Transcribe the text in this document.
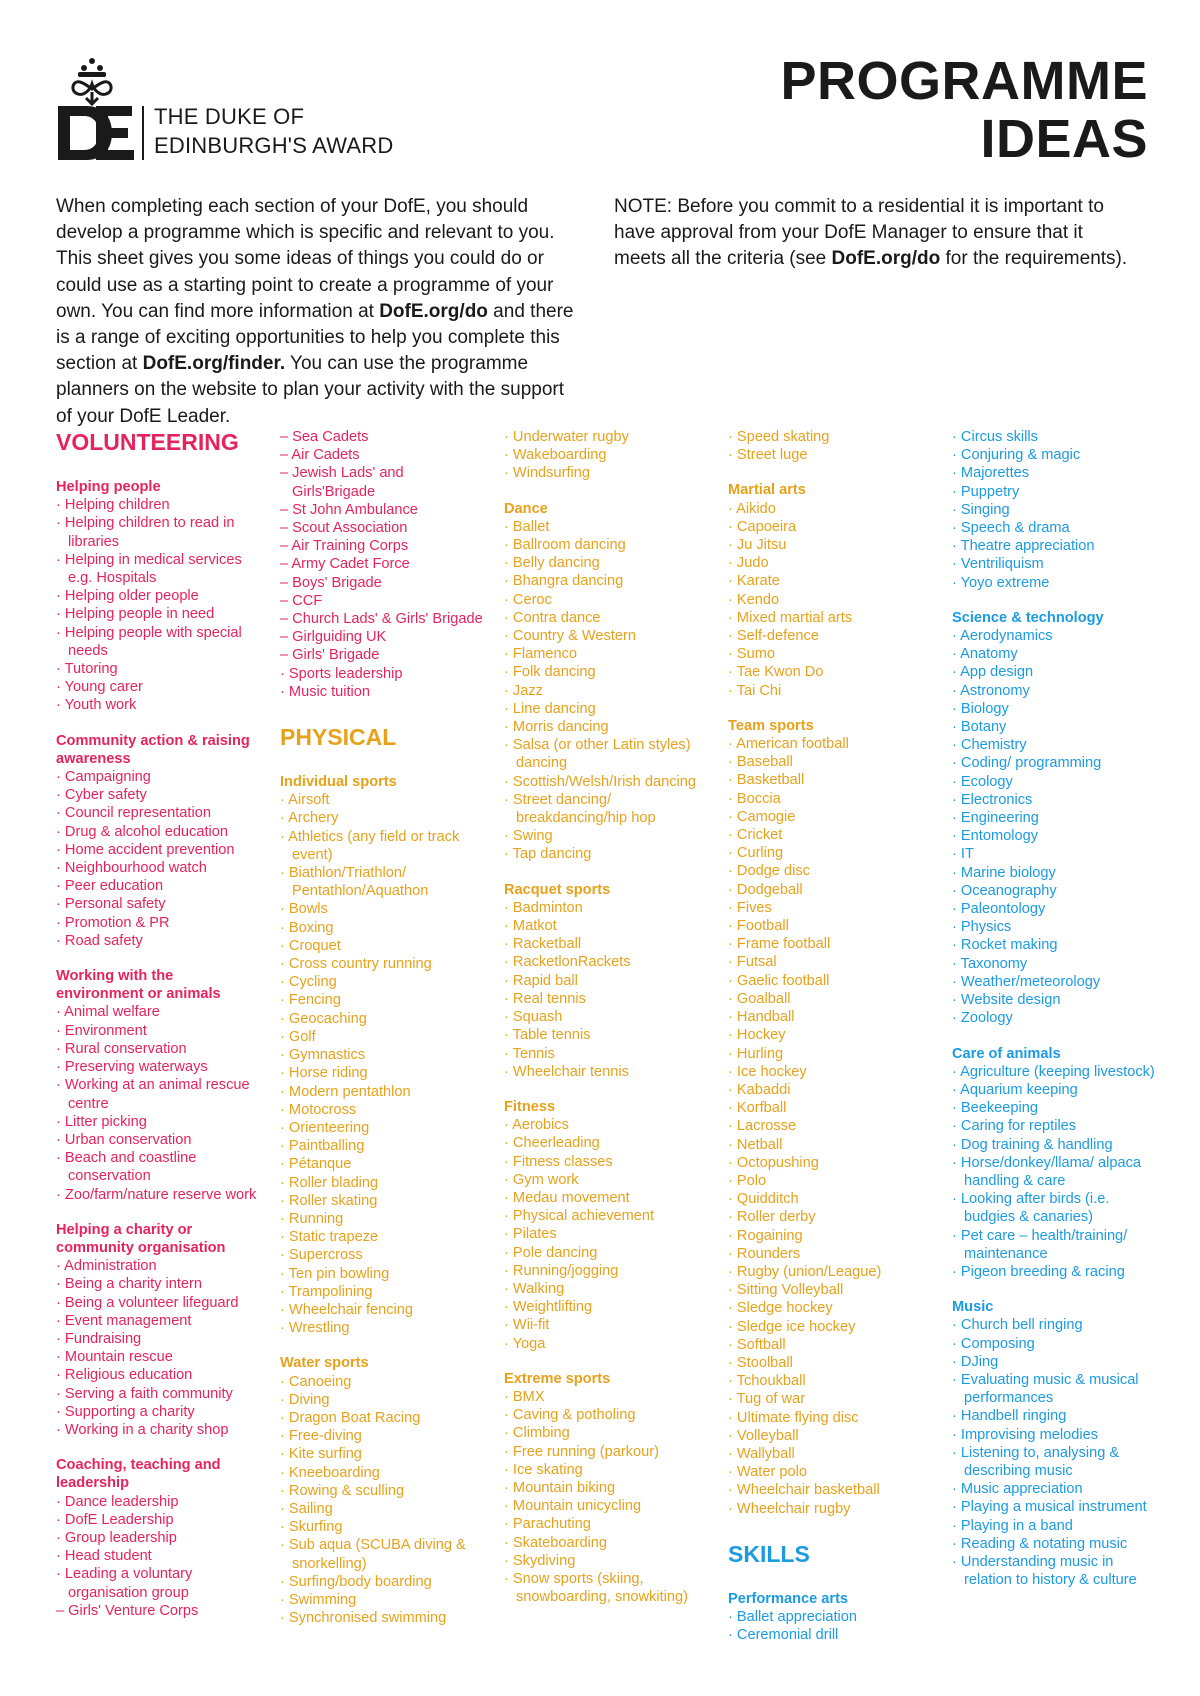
THE DUKE OF
EDINBURGH'S AWARD
PROGRAMME
IDEAS

When completing each section of your DofE, you should develop a programme which is specific and relevant to you. This sheet gives you some ideas of things you could do or could use as a starting point to create a programme of your own. You can find more information at DofE.org/do and there is a range of exciting opportunities to help you complete this section at DofE.org/finder. You can use the programme planners on the website to plan your activity with the support of your DofE Leader.

NOTE: Before you commit to a residential it is important to have approval from your DofE Manager to ensure that it meets all the criteria (see DofE.org/do for the requirements).

VOLUNTEERING
Helping people
· Helping children
· Helping children to read in libraries
· Helping in medical services e.g. Hospitals
· Helping older people
· Helping people in need
· Helping people with special needs
· Tutoring
· Young carer
· Youth work
Community action & raising awareness
· Campaigning
· Cyber safety
· Council representation
· Drug & alcohol education
· Home accident prevention
· Neighbourhood watch
· Peer education
· Personal safety
· Promotion & PR
· Road safety
Working with the environment or animals
· Animal welfare
· Environment
· Rural conservation
· Preserving waterways
· Working at an animal rescue centre
· Litter picking
· Urban conservation
· Beach and coastline conservation
· Zoo/farm/nature reserve work
Helping a charity or community organisation
· Administration
· Being a charity intern
· Being a volunteer lifeguard
· Event management
· Fundraising
· Mountain rescue
· Religious education
· Serving a faith community
· Supporting a charity
· Working in a charity shop
Coaching, teaching and leadership
· Dance leadership
· DofE Leadership
· Group leadership
· Head student
· Leading a voluntary organisation group
– Girls' Venture Corps
– Sea Cadets
– Air Cadets
– Jewish Lads' and Girls'Brigade
– St John Ambulance
– Scout Association
– Air Training Corps
– Army Cadet Force
– Boys' Brigade
– CCF
– Church Lads' & Girls' Brigade
– Girlguiding UK
– Girls' Brigade
· Sports leadership
· Music tuition
PHYSICAL
Individual sports
· Airsoft
· Archery
· Athletics (any field or track event)
· Biathlon/Triathlon/ Pentathlon/Aquathon
· Bowls
· Boxing
· Croquet
· Cross country running
· Cycling
· Fencing
· Geocaching
· Golf
· Gymnastics
· Horse riding
· Modern pentathlon
· Motocross
· Orienteering
· Paintballing
· Pétanque
· Roller blading
· Roller skating
· Running
· Static trapeze
· Supercross
· Ten pin bowling
· Trampolining
· Wheelchair fencing
· Wrestling
Water sports
· Canoeing
· Diving
· Dragon Boat Racing
· Free-diving
· Kite surfing
· Kneeboarding
· Rowing & sculling
· Sailing
· Skurfing
· Sub aqua (SCUBA diving & snorkelling)
· Surfing/body boarding
· Swimming
· Synchronised swimming
· Underwater rugby
· Wakeboarding
· Windsurfing
Dance
· Ballet
· Ballroom dancing
· Belly dancing
· Bhangra dancing
· Ceroc
· Contra dance
· Country & Western
· Flamenco
· Folk dancing
· Jazz
· Line dancing
· Morris dancing
· Salsa (or other Latin styles) dancing
· Scottish/Welsh/Irish dancing
· Street dancing/ breakdancing/hip hop
· Swing
· Tap dancing
Racquet sports
· Badminton
· Matkot
· Racketball
· RacketlonRackets
· Rapid ball
· Real tennis
· Squash
· Table tennis
· Tennis
· Wheelchair tennis
Fitness
· Aerobics
· Cheerleading
· Fitness classes
· Gym work
· Medau movement
· Physical achievement
· Pilates
· Pole dancing
· Running/jogging
· Walking
· Weightlifting
· Wii-fit
· Yoga
Extreme sports
· BMX
· Caving & potholing
· Climbing
· Free running (parkour)
· Ice skating
· Mountain biking
· Mountain unicycling
· Parachuting
· Skateboarding
· Skydiving
· Snow sports (skiing, snowboarding, snowkiting)
· Speed skating
· Street luge
Martial arts
· Aikido
· Capoeira
· Ju Jitsu
· Judo
· Karate
· Kendo
· Mixed martial arts
· Self-defence
· Sumo
· Tae Kwon Do
· Tai Chi
Team sports
· American football
· Baseball
· Basketball
· Boccia
· Camogie
· Cricket
· Curling
· Dodge disc
· Dodgeball
· Fives
· Football
· Frame football
· Futsal
· Gaelic football
· Goalball
· Handball
· Hockey
· Hurling
· Ice hockey
· Kabaddi
· Korfball
· Lacrosse
· Netball
· Octopushing
· Polo
· Quidditch
· Roller derby
· Rogaining
· Rounders
· Rugby (union/League)
· Sitting Volleyball
· Sledge hockey
· Sledge ice hockey
· Softball
· Stoolball
· Tchoukball
· Tug of war
· Ultimate flying disc
· Volleyball
· Wallyball
· Water polo
· Wheelchair basketball
· Wheelchair rugby
SKILLS
Performance arts
· Ballet appreciation
· Ceremonial drill
· Circus skills
· Conjuring & magic
· Majorettes
· Puppetry
· Singing
· Speech & drama
· Theatre appreciation
· Ventriliquism
· Yoyo extreme
Science & technology
· Aerodynamics
· Anatomy
· App design
· Astronomy
· Biology
· Botany
· Chemistry
· Coding/ programming
· Ecology
· Electronics
· Engineering
· Entomology
· IT
· Marine biology
· Oceanography
· Paleontology
· Physics
· Rocket making
· Taxonomy
· Weather/meteorology
· Website design
· Zoology
Care of animals
· Agriculture (keeping livestock)
· Aquarium keeping
· Beekeeping
· Caring for reptiles
· Dog training & handling
· Horse/donkey/llama/ alpaca handling & care
· Looking after birds (i.e. budgies & canaries)
· Pet care – health/training/ maintenance
· Pigeon breeding & racing
Music
· Church bell ringing
· Composing
· DJing
· Evaluating music & musical performances
· Handbell ringing
· Improvising melodies
· Listening to, analysing & describing music
· Music appreciation
· Playing a musical instrument
· Playing in a band
· Reading & notating music
· Understanding music in relation to history & culture
